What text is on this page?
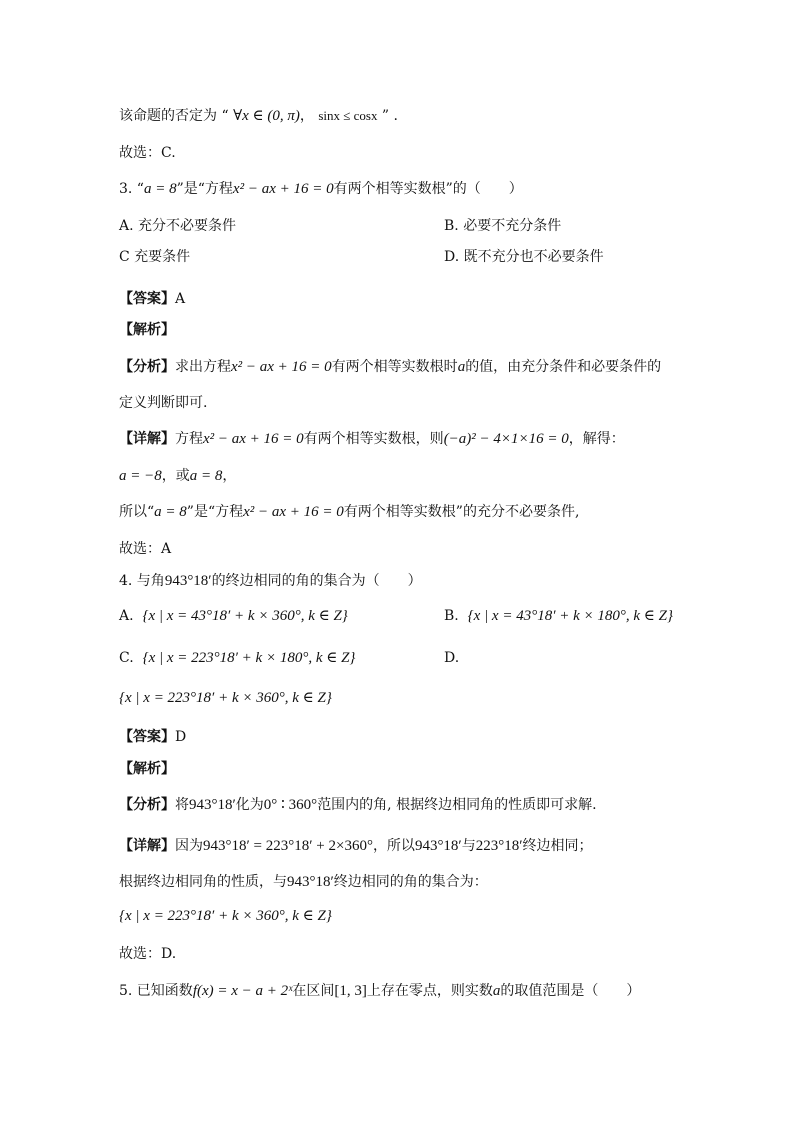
该命题的否定为 “ ∀x ∈ (0, π)， sinx ≤ cosx ” .
故选：C.
3. “a = 8”是“方程x² − ax + 16 = 0有两个相等实数根”的（　　）
A. 充分不必要条件	B. 必要不充分条件
C 充要条件	D. 既不充分也不必要条件
【答案】A
【解析】
【分析】求出方程x² − ax + 16 = 0有两个相等实数根时a的值，由充分条件和必要条件的
定义判断即可.
【详解】方程x² − ax + 16 = 0有两个相等实数根，则(−a)² − 4×1×16 = 0，解得：
a = −8，或a = 8，
所以“a = 8”是“方程x² − ax + 16 = 0有两个相等实数根”的充分不必要条件,
故选：A
4. 与角943°18′的终边相同的角的集合为（　　）
A. {x | x = 43°18′ + k × 360°, k ∈ Z}	B. {x | x = 43°18′ + k × 180°, k ∈ Z}
C. {x | x = 223°18′ + k × 180°, k ∈ Z}	D.
{x | x = 223°18′ + k × 360°, k ∈ Z}
【答案】D
【解析】
【分析】将943°18′化为0° ∶ 360°范围内的角, 根据终边相同角的性质即可求解.
【详解】因为943°18′ = 223°18′ + 2×360°，所以943°18′与223°18′终边相同；
根据终边相同角的性质，与943°18′终边相同的角的集合为：
{x | x = 223°18′ + k × 360°, k ∈ Z}
故选：D.
5. 已知函数f(x) = x − a + 2ˣ在区间[1, 3]上存在零点，则实数a的取值范围是（　　）
